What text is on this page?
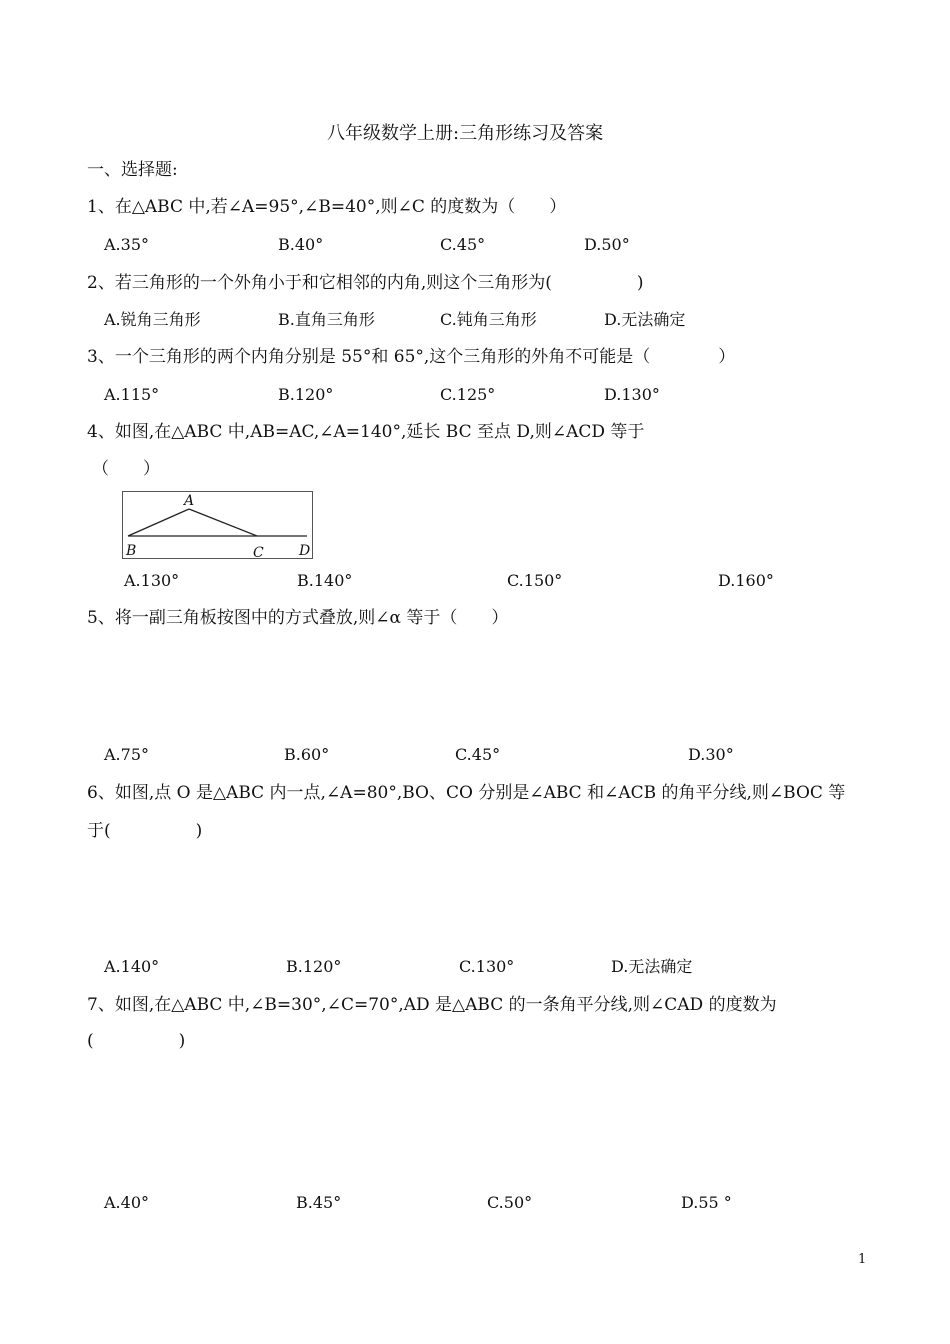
八年级数学上册:三角形练习及答案
一、选择题:
1、在△ABC 中,若∠A=95°,∠B=40°,则∠C 的度数为（　　）
A.35°	B.40°	C.45°	D.50°
2、若三角形的一个外角小于和它相邻的内角,则这个三角形为(　　　　　)
A.锐角三角形	B.直角三角形	C.钝角三角形	D.无法确定
3、一个三角形的两个内角分别是 55°和 65°,这个三角形的外角不可能是（　　　　）
A.115°	B.120°	C.125°	D.130°
4、如图,在△ABC 中,AB=AC,∠A=140°,延长 BC 至点 D,则∠ACD 等于
（　　）
A
B	C	D
A.130°	B.140°	C.150°	D.160°
5、将一副三角板按图中的方式叠放,则∠α 等于（　　）
A.75°	B.60°	C.45°	D.30°
6、如图,点 O 是△ABC 内一点,∠A=80°,BO、CO 分别是∠ABC 和∠ACB 的角平分线,则∠BOC 等
于(　　　　　)
A.140°	B.120°	C.130°	D.无法确定
7、如图,在△ABC 中,∠B=30°,∠C=70°,AD 是△ABC 的一条角平分线,则∠CAD 的度数为
(　　　　　)
A.40°	B.45°	C.50°	D.55 °
1
